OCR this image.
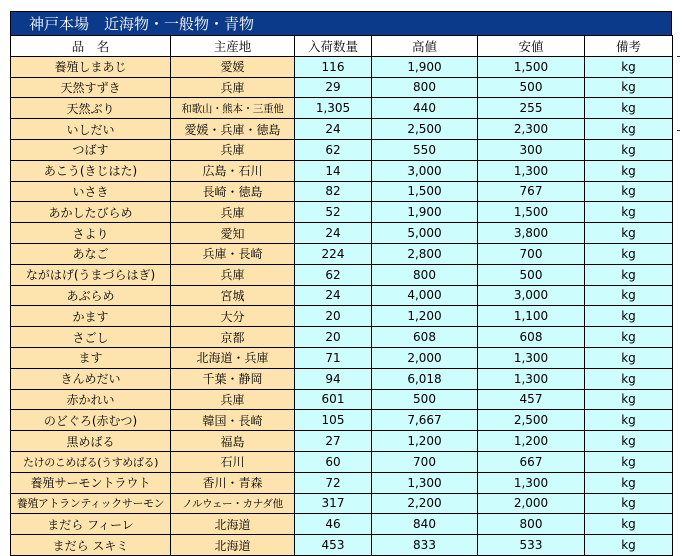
神戸本場　近海物・一般物・青物
品　名	主産地	入荷数量	高値	安値	備考
養殖しまあじ	愛媛	116	1,900	1,500	kg
天然すずき	兵庫	29	800	500	kg
天然ぶり	和歌山・熊本・三重他	1,305	440	255	kg
いしだい	愛媛・兵庫・徳島	24	2,500	2,300	kg
つばす	兵庫	62	550	300	kg
あこう(きじはた)	広島・石川	14	3,000	1,300	kg
いさき	長崎・徳島	82	1,500	767	kg
あかしたびらめ	兵庫	52	1,900	1,500	kg
さより	愛知	24	5,000	3,800	kg
あなご	兵庫・長崎	224	2,800	700	kg
ながはげ(うまづらはぎ)	兵庫	62	800	500	kg
あぶらめ	宮城	24	4,000	3,000	kg
かます	大分	20	1,200	1,100	kg
さごし	京都	20	608	608	kg
ます	北海道・兵庫	71	2,000	1,300	kg
きんめだい	千葉・静岡	94	6,018	1,300	kg
赤かれい	兵庫	601	500	457	kg
のどぐろ(赤むつ)	韓国・長崎	105	7,667	2,500	kg
黒めばる	福島	27	1,200	1,200	kg
たけのこめばる(うすめばる)	石川	60	700	667	kg
養殖サーモントラウト	香川・青森	72	1,300	1,300	kg
養殖アトランティックサーモン	ノルウェー・カナダ他	317	2,200	2,000	kg
まだら フィーレ	北海道	46	840	800	kg
まだら スキミ	北海道	453	833	533	kg
